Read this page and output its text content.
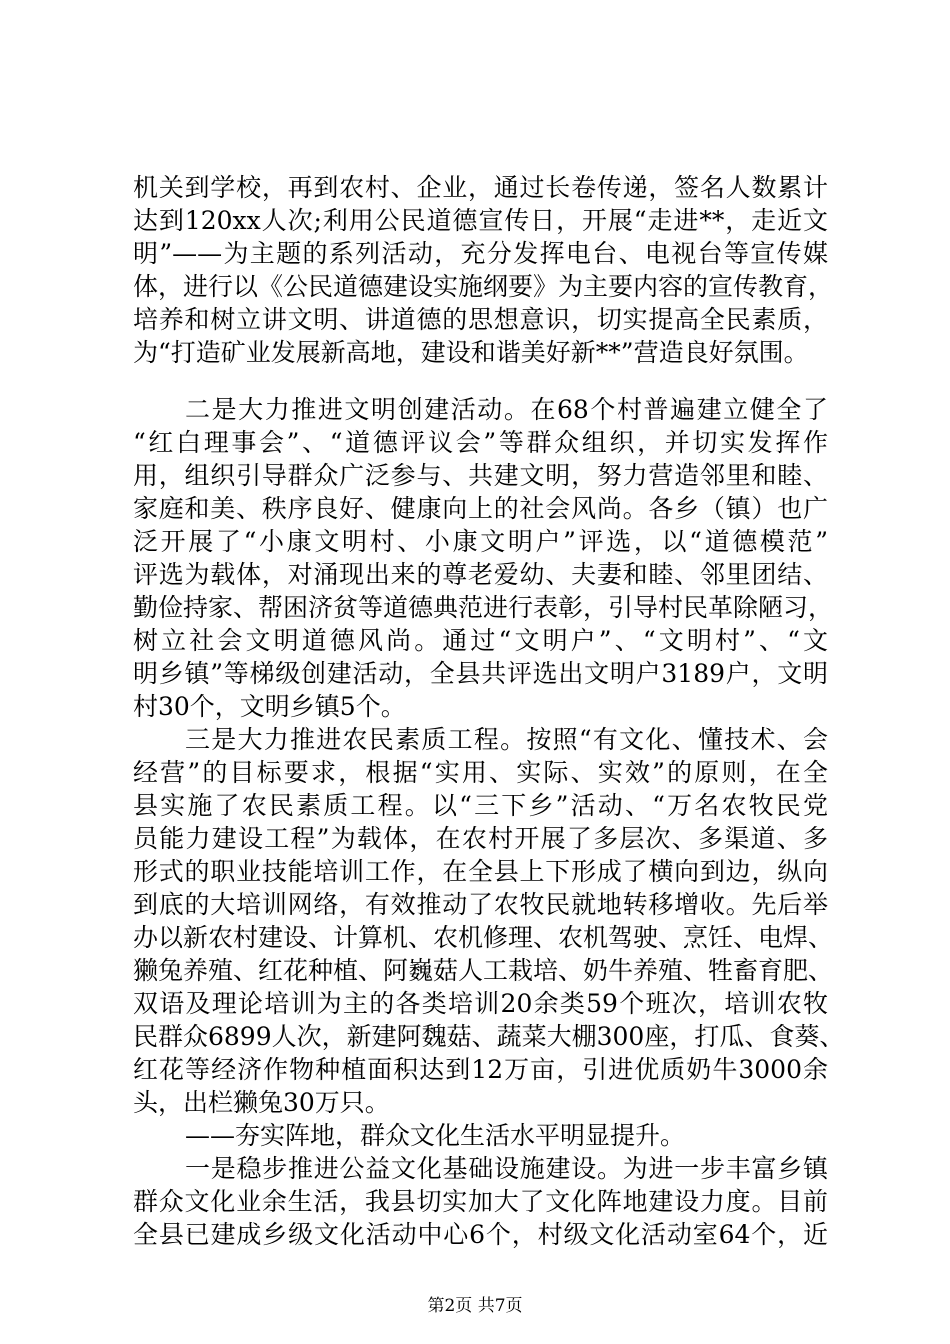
机关到学校，再到农村、企业，通过长卷传递，签名人数累计
达到120xx人次;利用公民道德宣传日，开展“走进**，走近文
明”——为主题的系列活动，充分发挥电台、电视台等宣传媒
体，进行以《公民道德建设实施纲要》为主要内容的宣传教育，
培养和树立讲文明、讲道德的思想意识，切实提高全民素质，
为“打造矿业发展新高地，建设和谐美好新**”营造良好氛围。
二是大力推进文明创建活动。在68个村普遍建立健全了
“红白理事会”、“道德评议会”等群众组织，并切实发挥作
用，组织引导群众广泛参与、共建文明，努力营造邻里和睦、
家庭和美、秩序良好、健康向上的社会风尚。各乡（镇）也广
泛开展了“小康文明村、小康文明户”评选，以“道德模范”
评选为载体，对涌现出来的尊老爱幼、夫妻和睦、邻里团结、
勤俭持家、帮困济贫等道德典范进行表彰，引导村民革除陋习，
树立社会文明道德风尚。通过“文明户”、“文明村”、“文
明乡镇”等梯级创建活动，全县共评选出文明户3189户，文明
村30个，文明乡镇5个。
三是大力推进农民素质工程。按照“有文化、懂技术、会
经营”的目标要求，根据“实用、实际、实效”的原则，在全
县实施了农民素质工程。以“三下乡”活动、“万名农牧民党
员能力建设工程”为载体，在农村开展了多层次、多渠道、多
形式的职业技能培训工作，在全县上下形成了横向到边，纵向
到底的大培训网络，有效推动了农牧民就地转移增收。先后举
办以新农村建设、计算机、农机修理、农机驾驶、烹饪、电焊、
獭兔养殖、红花种植、阿巍菇人工栽培、奶牛养殖、牲畜育肥、
双语及理论培训为主的各类培训20余类59个班次，培训农牧
民群众6899人次，新建阿魏菇、蔬菜大棚300座，打瓜、食葵、
红花等经济作物种植面积达到12万亩，引进优质奶牛3000余
头，出栏獭兔30万只。
——夯实阵地，群众文化生活水平明显提升。
一是稳步推进公益文化基础设施建设。为进一步丰富乡镇
群众文化业余生活，我县切实加大了文化阵地建设力度。目前
全县已建成乡级文化活动中心6个，村级文化活动室64个，近
第2页 共7页
